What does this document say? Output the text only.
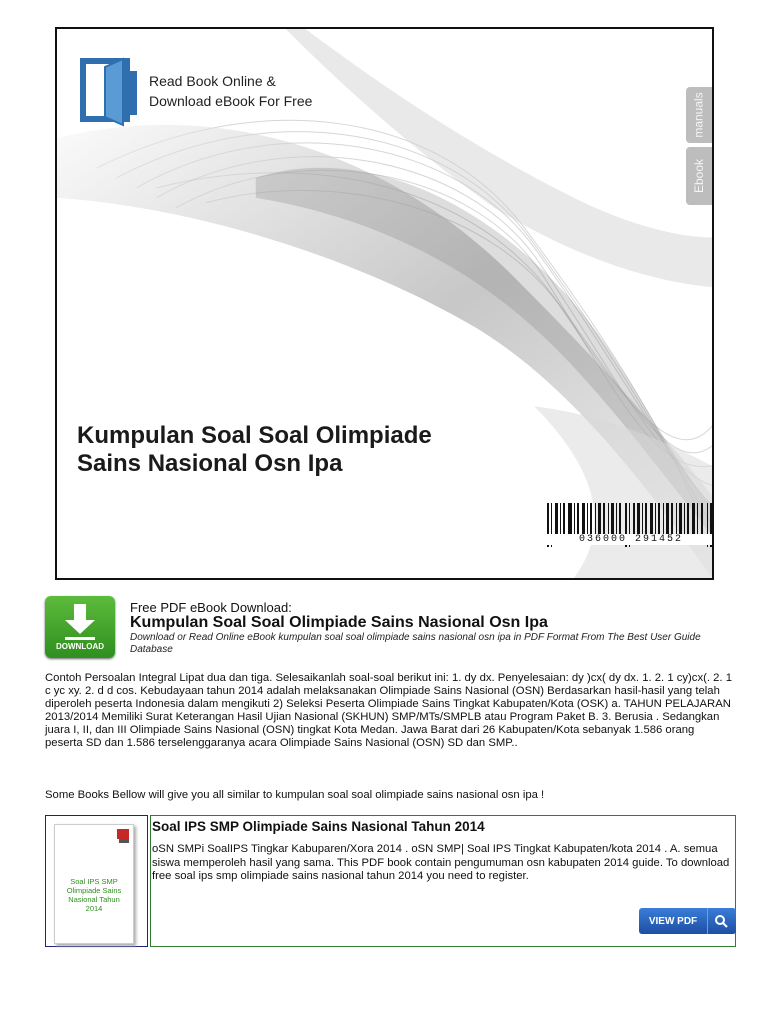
Read Book Online &
Download eBook For Free	manuals
Ebook
Kumpulan Soal Soal Olimpiade Sains Nasional Osn Ipa
036000 291452
DOWNLOAD
Free PDF eBook Download:
Kumpulan Soal Soal Olimpiade Sains Nasional Osn Ipa
Download or Read Online eBook kumpulan soal soal olimpiade sains nasional osn ipa in PDF Format From The Best User Guide Database
Contoh Persoalan Integral Lipat dua dan tiga. Selesaikanlah soal-soal berikut ini: 1. dy dx. Penyelesaian: dy )cx( dy dx. 1. 2. 1 cy)cx(. 2. 1 c yc xy. 2. d d cos. Kebudayaan tahun 2014 adalah melaksanakan Olimpiade Sains Nasional (OSN) Berdasarkan hasil-hasil yang telah diperoleh peserta Indonesia dalam mengikuti 2) Seleksi Peserta Olimpiade Sains Tingkat Kabupaten/Kota (OSK) a. TAHUN PELAJARAN 2013/2014 Memiliki Surat Keterangan Hasil Ujian Nasional (SKHUN) SMP/MTs/SMPLB atau Program Paket B. 3. Berusia . Sedangkan juara I, II, dan III Olimpiade Sains Nasional (OSN) tingkat Kota Medan. Jawa Barat dari 26 Kabupaten/Kota sebanyak 1.586 orang peserta SD dan 1.586 terselenggaranya acara Olimpiade Sains Nasional (OSN) SD dan SMP..
Some Books Bellow will give you all similar to kumpulan soal soal olimpiade sains nasional osn ipa !
Soal IPS SMP Olimpiade Sains Nasional Tahun 2014
Soal IPS SMP Olimpiade Sains Nasional Tahun 2014
oSN SMPi SoalIPS Tingkar Kabuparen/Xora 2014 . oSN SMP| Soal IPS Tingkat Kabupaten/kota 2014 . A. semua siswa memperoleh hasil yang sama. This PDF book contain pengumuman osn kabupaten 2014 guide. To download free soal ips smp olimpiade sains nasional tahun 2014 you need to register.
VIEW PDF
